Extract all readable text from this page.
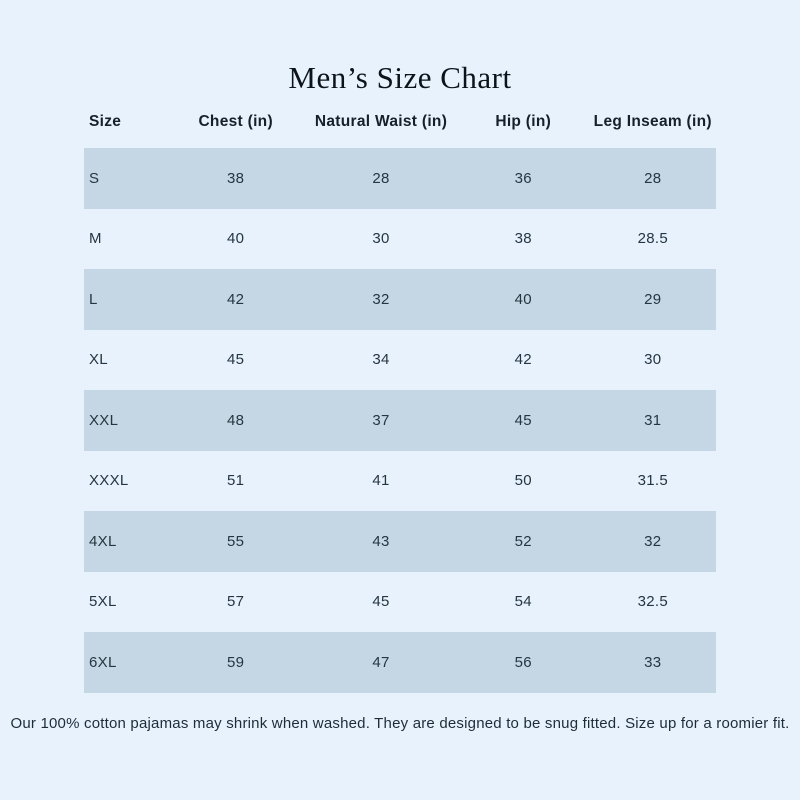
Men’s Size Chart
Size	Chest (in)	Natural Waist (in)	Hip (in)	Leg Inseam (in)
S	38	28	36	28
M	40	30	38	28.5
L	42	32	40	29
XL	45	34	42	30
XXL	48	37	45	31
XXXL	51	41	50	31.5
4XL	55	43	52	32
5XL	57	45	54	32.5
6XL	59	47	56	33
Our 100% cotton pajamas may shrink when washed. They are designed to be snug fitted. Size up for a roomier fit.
